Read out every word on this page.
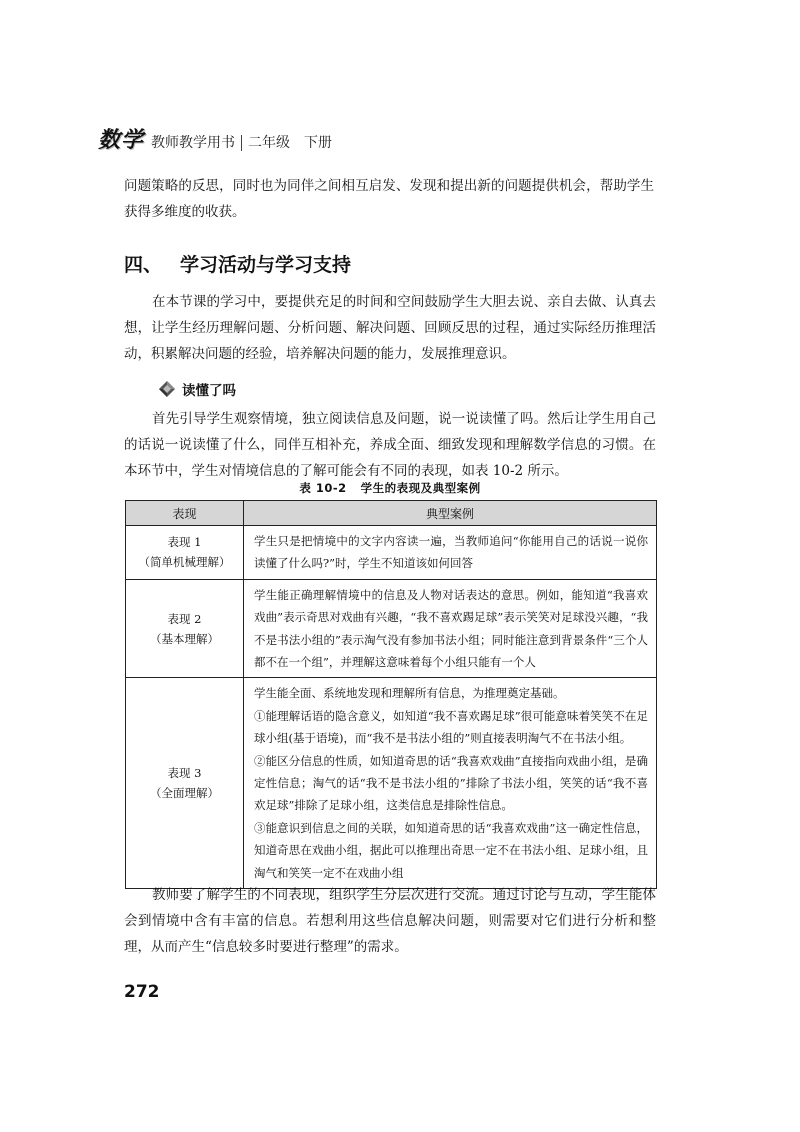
数 学 教师教学用书 二年级　下册
问题策略的反思，同时也为同伴之间相互启发、发现和提出新的问题提供机会，帮助学生获得多维度的收获。
四、 学习活动与学习支持
在本节课的学习中，要提供充足的时间和空间鼓励学生大胆去说、亲自去做、认真去想，让学生经历理解问题、分析问题、解决问题、回顾反思的过程，通过实际经历推理活动，积累解决问题的经验，培养解决问题的能力，发展推理意识。
读懂了吗
首先引导学生观察情境，独立阅读信息及问题，说一说读懂了吗。然后让学生用自己的话说一说读懂了什么，同伴互相补充，养成全面、细致发现和理解数学信息的习惯。在本环节中，学生对情境信息的了解可能会有不同的表现，如表 10-2 所示。
表 10-2 学生的表现及典型案例
表现	典型案例

表现 1
（简单机械理解）	学生只是把情境中的文字内容读一遍，当教师追问“你能用自己的话说一说你读懂了什么吗?”时，学生不知道该如何回答

表现 2
（基本理解）	学生能正确理解情境中的信息及人物对话表达的意思。例如，能知道“我喜欢戏曲”表示奇思对戏曲有兴趣，“我不喜欢踢足球”表示笑笑对足球没兴趣，“我不是书法小组的”表示淘气没有参加书法小组；同时能注意到背景条件“三个人都不在一个组”，并理解这意味着每个小组只能有一个人

表现 3
（全面理解）	学生能全面、系统地发现和理解所有信息，为推理奠定基础。
①能理解话语的隐含意义，如知道“我不喜欢踢足球”很可能意味着笑笑不在足球小组(基于语境)，而“我不是书法小组的”则直接表明淘气不在书法小组。
②能区分信息的性质，如知道奇思的话“我喜欢戏曲”直接指向戏曲小组，是确定性信息；淘气的话“我不是书法小组的”排除了书法小组，笑笑的话“我不喜欢足球”排除了足球小组，这类信息是排除性信息。
③能意识到信息之间的关联，如知道奇思的话“我喜欢戏曲”这一确定性信息，知道奇思在戏曲小组，据此可以推理出奇思一定不在书法小组、足球小组，且淘气和笑笑一定不在戏曲小组
教师要了解学生的不同表现，组织学生分层次进行交流。通过讨论与互动，学生能体会到情境中含有丰富的信息。若想利用这些信息解决问题，则需要对它们进行分析和整理，从而产生“信息较多时要进行整理”的需求。
272
